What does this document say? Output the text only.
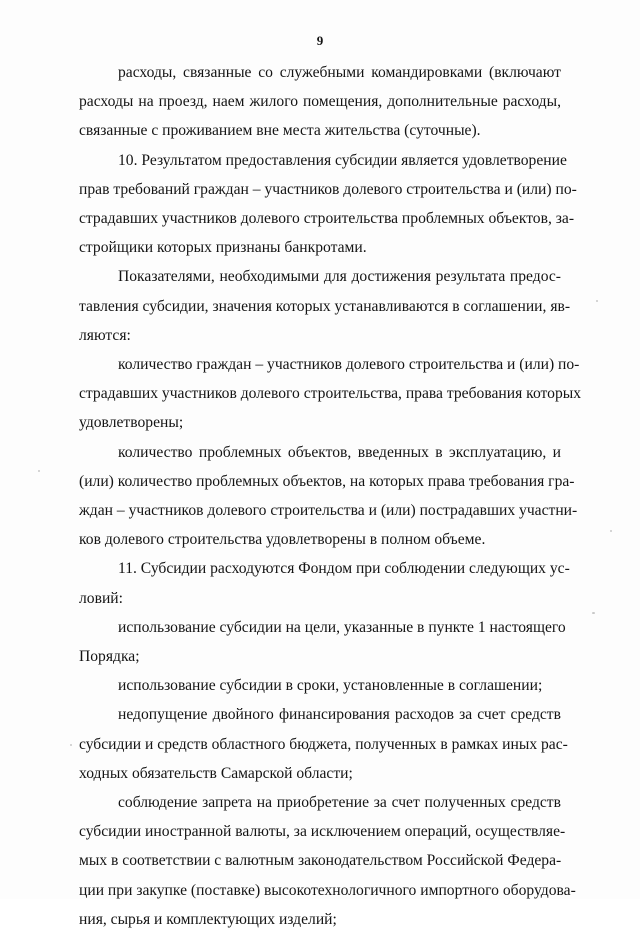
9
расходы, связанные со служебными командировками (включают
расходы на проезд, наем жилого помещения, дополнительные расходы,
связанные с проживанием вне места жительства (суточные).
10. Результатом предоставления субсидии является удовлетворение
прав требований граждан – участников долевого строительства и (или) по-
страдавших участников долевого строительства проблемных объектов, за-
стройщики которых признаны банкротами.
Показателями, необходимыми для достижения результата предос-
тавления субсидии, значения которых устанавливаются в соглашении, яв-
ляются:
количество граждан – участников долевого строительства и (или) по-
страдавших участников долевого строительства, права требования которых
удовлетворены;
количество проблемных объектов, введенных в эксплуатацию, и
(или) количество проблемных объектов, на которых права требования гра-
ждан – участников долевого строительства и (или) пострадавших участни-
ков долевого строительства удовлетворены в полном объеме.
11. Субсидии расходуются Фондом при соблюдении следующих ус-
ловий:
использование субсидии на цели, указанные в пункте 1 настоящего
Порядка;
использование субсидии в сроки, установленные в соглашении;
недопущение двойного финансирования расходов за счет средств
субсидии и средств областного бюджета, полученных в рамках иных рас-
ходных обязательств Самарской области;
соблюдение запрета на приобретение за счет полученных средств
субсидии иностранной валюты, за исключением операций, осуществляе-
мых в соответствии с валютным законодательством Российской Федера-
ции при закупке (поставке) высокотехнологичного импортного оборудова-
ния, сырья и комплектующих изделий;
